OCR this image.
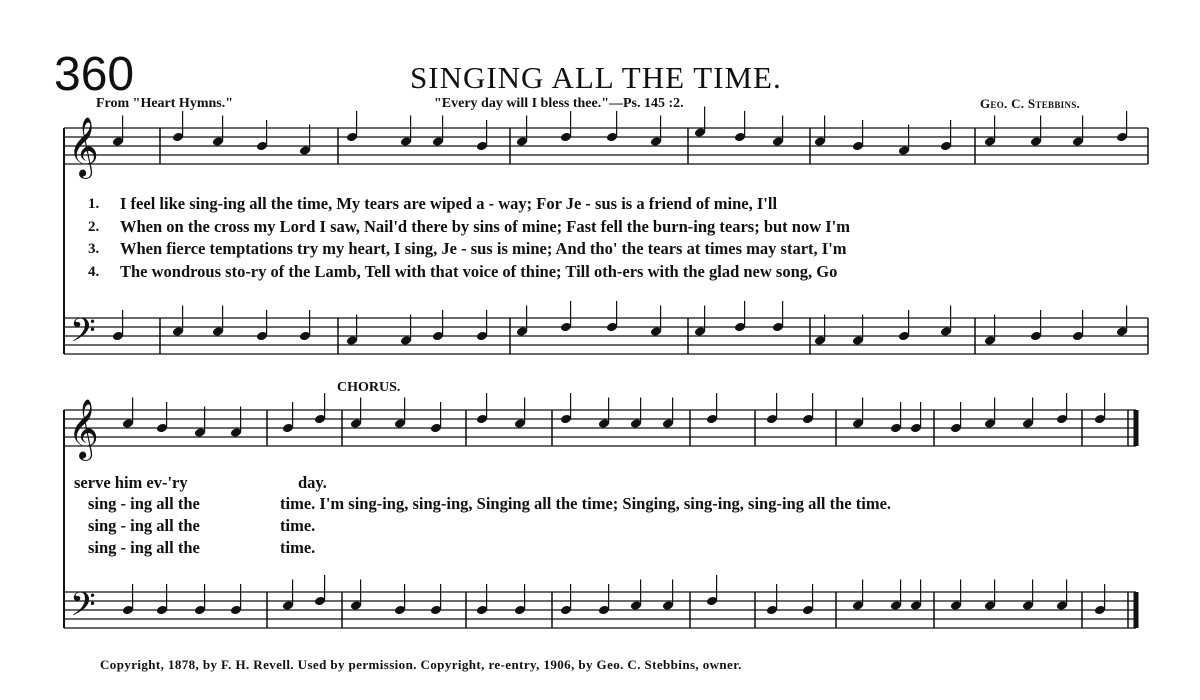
360	SINGING ALL THE TIME.
From "Heart Hymns."	"Every day will I bless thee."—Ps. 145 :2.	Geo. C. Stebbins.
𝄞
𝄢
𝄞
𝄢
1. I feel like sing-ing all the time, My tears are wiped a - way; For Je - sus is a friend of mine, I'll
2. When on the cross my Lord I saw, Nail'd there by sins of mine; Fast fell the burn-ing tears; but now I'm
3. When fierce temptations try my heart, I sing, Je - sus is mine; And tho' the tears at times may start, I'm
4. The wondrous sto-ry of the Lamb, Tell with that voice of thine; Till oth-ers with the glad new song, Go
CHORUS.
serve him ev-'ry	day.
sing - ing all the	time. I'm sing-ing, sing-ing, Singing all the time; Singing, sing-ing, sing-ing all the time.
sing - ing all the	time.
sing - ing all the	time.
Copyright, 1878, by F. H. Revell. Used by permission. Copyright, re-entry, 1906, by Geo. C. Stebbins, owner.
